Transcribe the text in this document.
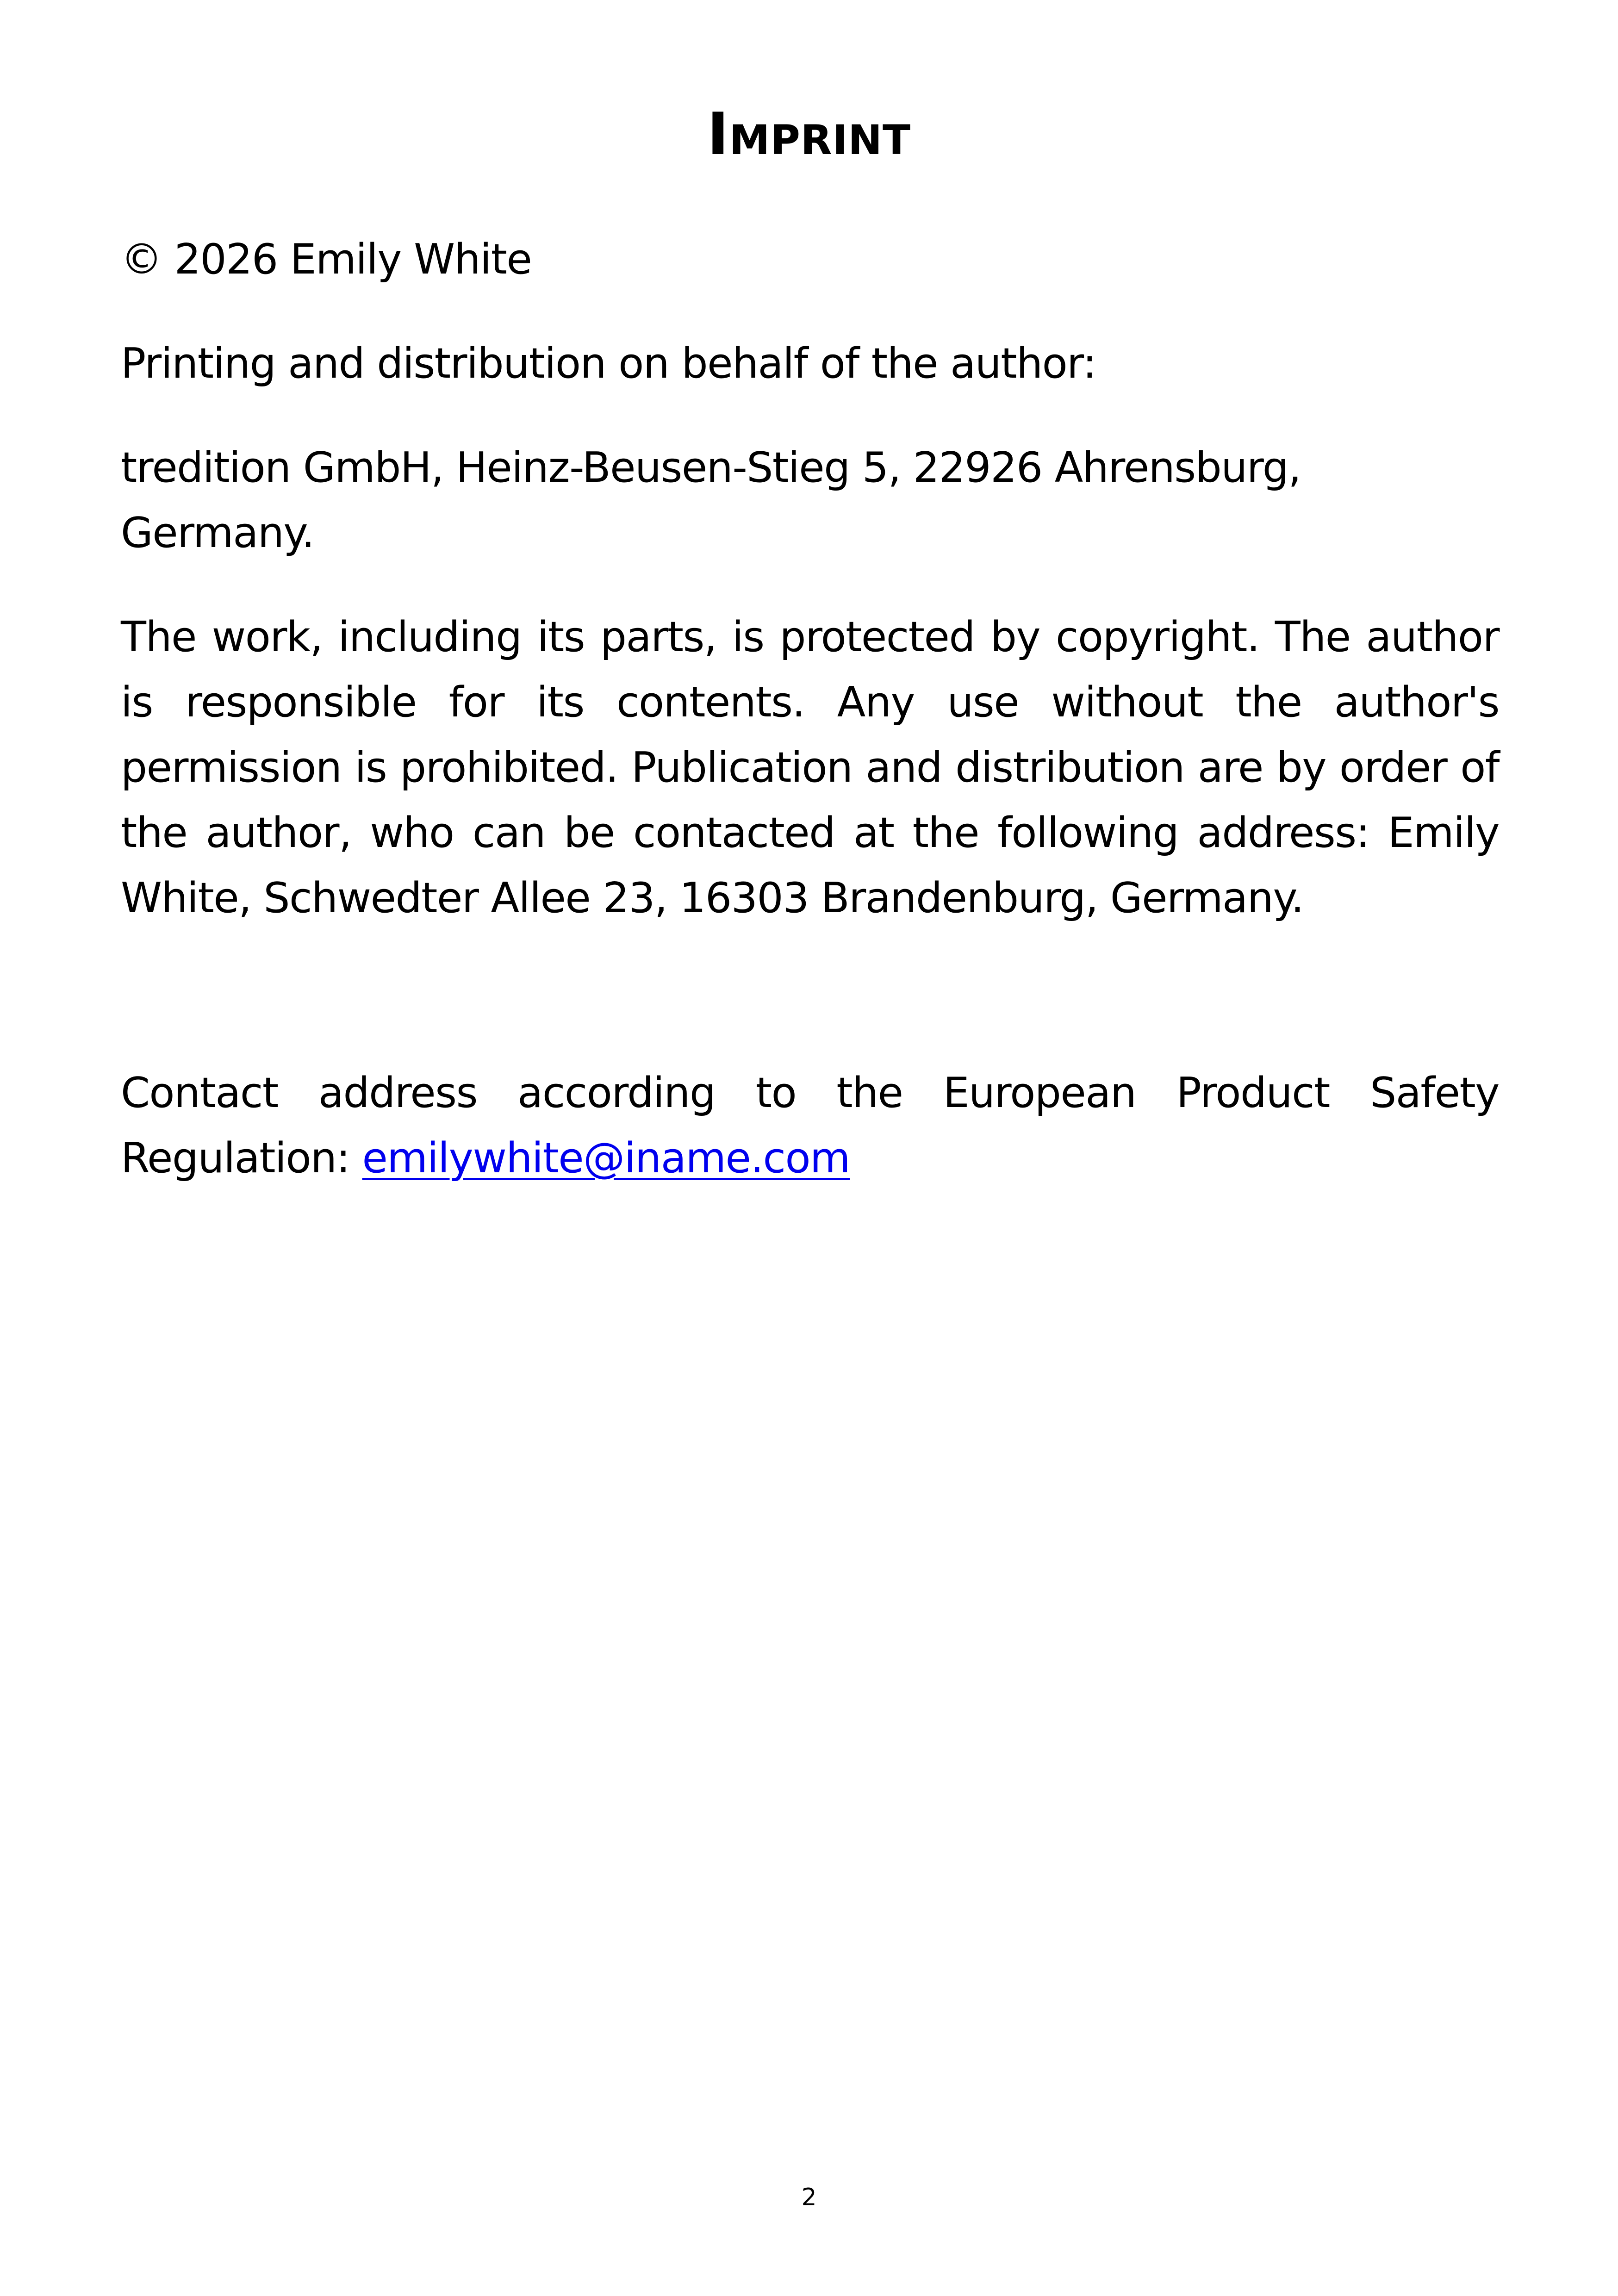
Imprint

© 2026 Emily White

Printing and distribution on behalf of the author:

tredition GmbH, Heinz-Beusen-Stieg 5, 22926 Ahrensburg, Germany.

The work, including its parts, is protected by copyright. The author is responsible for its contents. Any use without the author's permission is prohibited. Publication and distribution are by order of the author, who can be contacted at the following address: Emily White, Schwedter Allee 23, 16303 Brandenburg, Germany.

Contact address according to the European Product Safety Regulation: emilywhite@iname.com

2
